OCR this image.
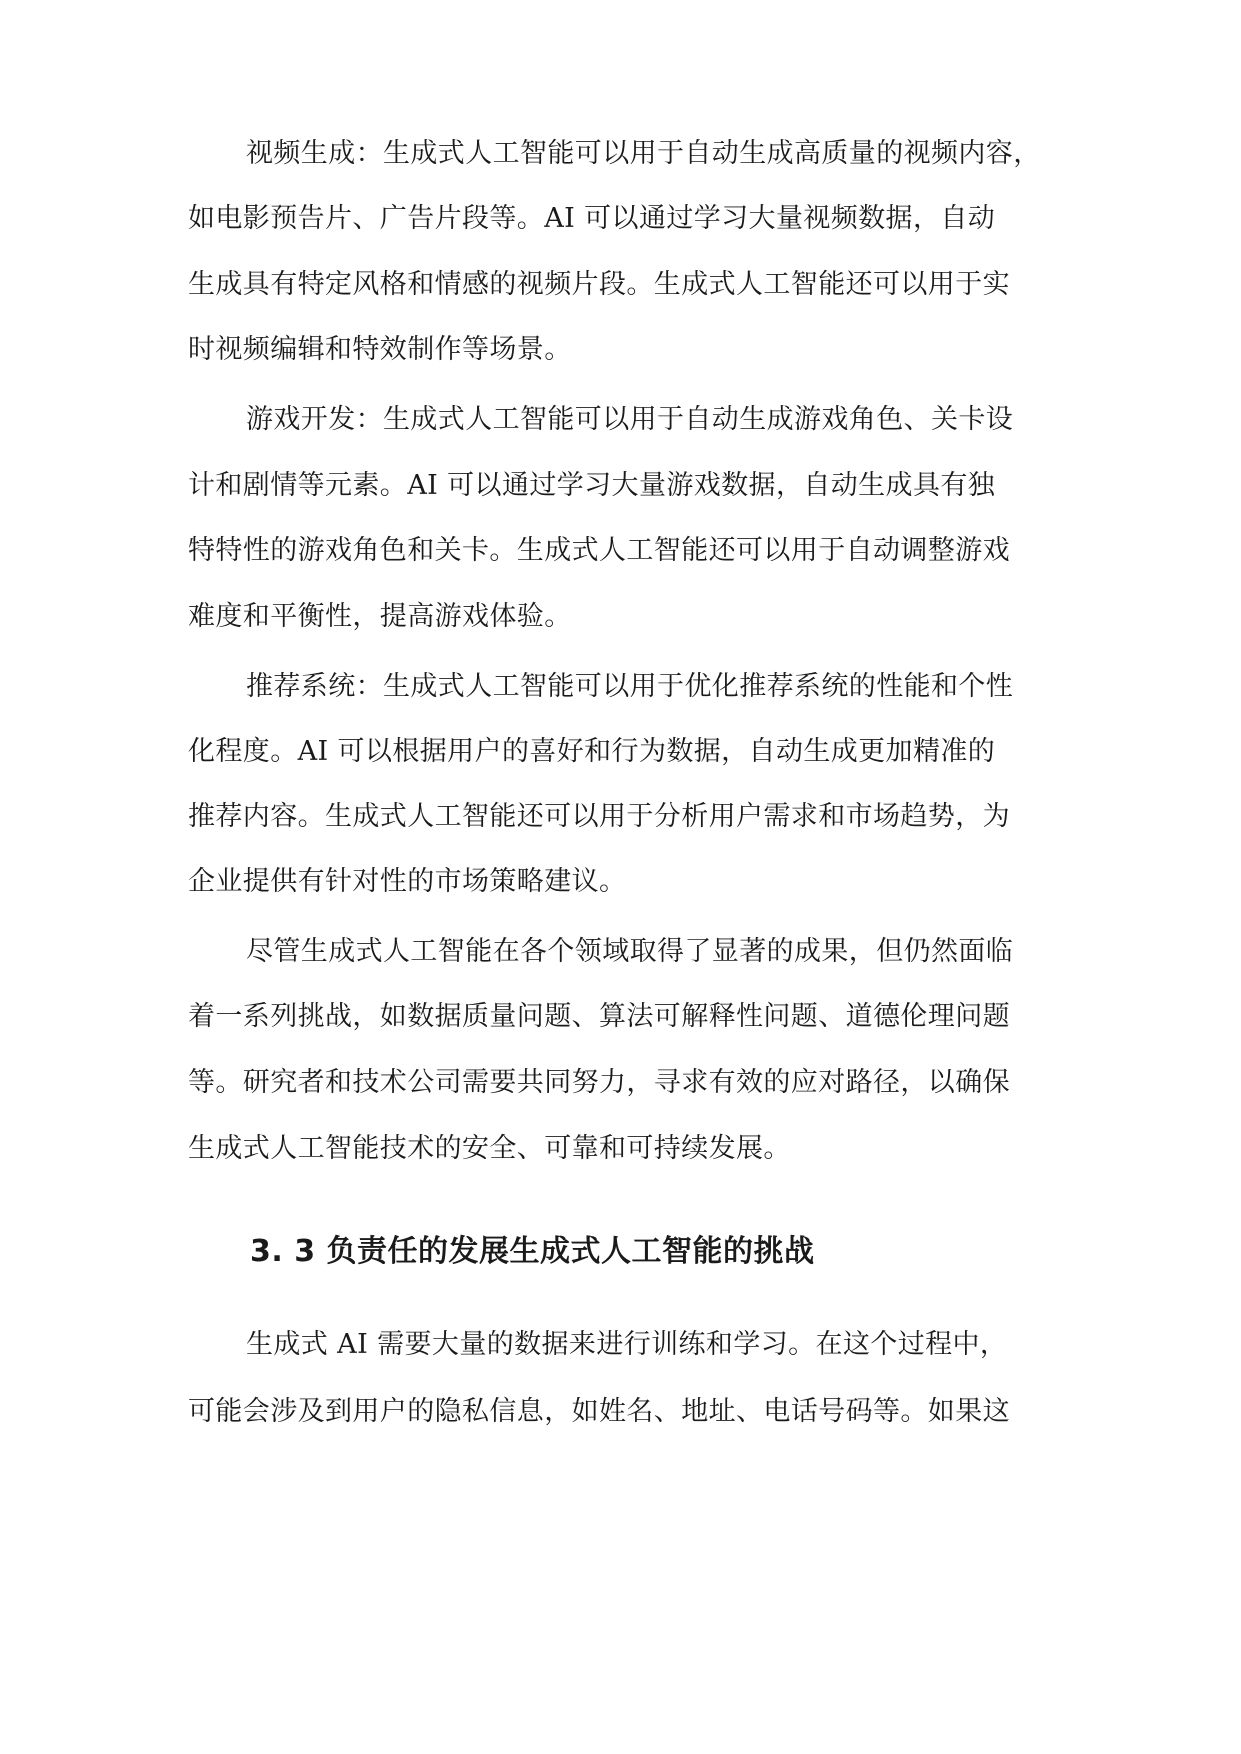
视频生成：生成式人工智能可以用于自动生成高质量的视频内容，
如电影预告片、广告片段等。AI 可以通过学习大量视频数据，自动
生成具有特定风格和情感的视频片段。生成式人工智能还可以用于实
时视频编辑和特效制作等场景。
游戏开发：生成式人工智能可以用于自动生成游戏角色、关卡设
计和剧情等元素。AI 可以通过学习大量游戏数据，自动生成具有独
特特性的游戏角色和关卡。生成式人工智能还可以用于自动调整游戏
难度和平衡性，提高游戏体验。
推荐系统：生成式人工智能可以用于优化推荐系统的性能和个性
化程度。AI 可以根据用户的喜好和行为数据，自动生成更加精准的
推荐内容。生成式人工智能还可以用于分析用户需求和市场趋势，为
企业提供有针对性的市场策略建议。
尽管生成式人工智能在各个领域取得了显著的成果，但仍然面临
着一系列挑战，如数据质量问题、算法可解释性问题、道德伦理问题
等。研究者和技术公司需要共同努力，寻求有效的应对路径，以确保
生成式人工智能技术的安全、可靠和可持续发展。
3. 3 负责任的发展生成式人工智能的挑战
生成式 AI 需要大量的数据来进行训练和学习。在这个过程中，
可能会涉及到用户的隐私信息，如姓名、地址、电话号码等。如果这
